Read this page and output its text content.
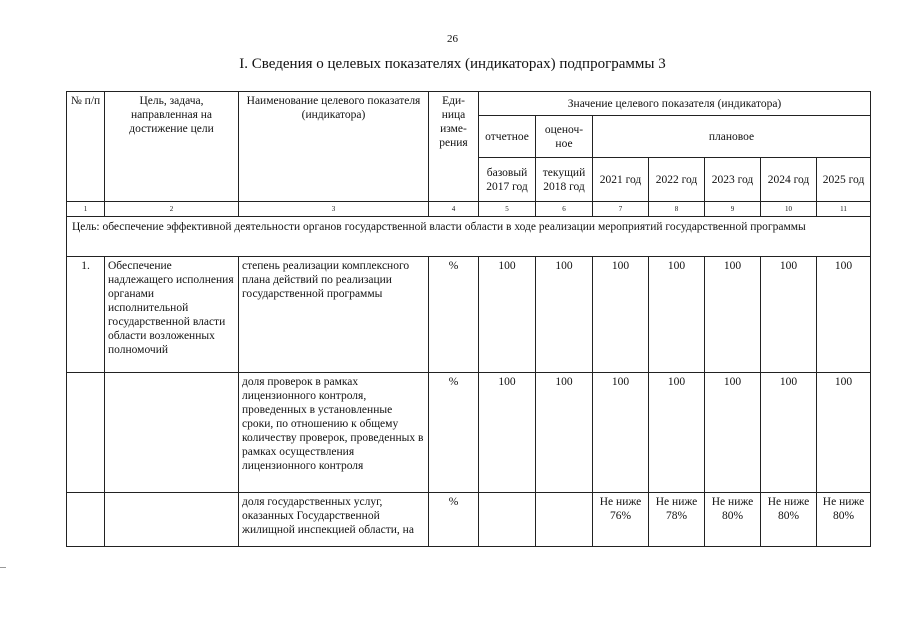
26
I. Сведения о целевых показателях (индикаторах) подпрограммы 3
№ п/п	Цель, задача, направленная на достижение цели	Наименование целевого показателя (индикатора)	Еди-ница изме-рения	Значение целевого показателя (индикатора)						
				отчетное	оценоч-ное	плановое				
				базовый 2017 год	текущий 2018 год	2021 год	2022 год	2023 год	2024 год	2025 год
1	2	3	4	5	6	7	8	9	10	11
Цель: обеспечение эффективной деятельности органов государственной власти области в ходе реализации мероприятий государственной программы										
1.	Обеспечение надлежащего исполнения органами исполнительной государственной власти области возложенных полномочий	степень реализации комплексного плана действий по реализации государственной программы	%	100	100	100	100	100	100	100
		доля проверок в рамках лицензионного контроля, проведенных в установленные сроки, по отношению к общему количеству проверок, проведенных в рамках осуществления лицензионного контроля	%	100	100	100	100	100	100	100
		доля государственных услуг, оказанных Государственной жилищной инспекцией области, на	%			Не ниже 76%	Не ниже 78%	Не ниже 80%	Не ниже 80%	Не ниже 80%
